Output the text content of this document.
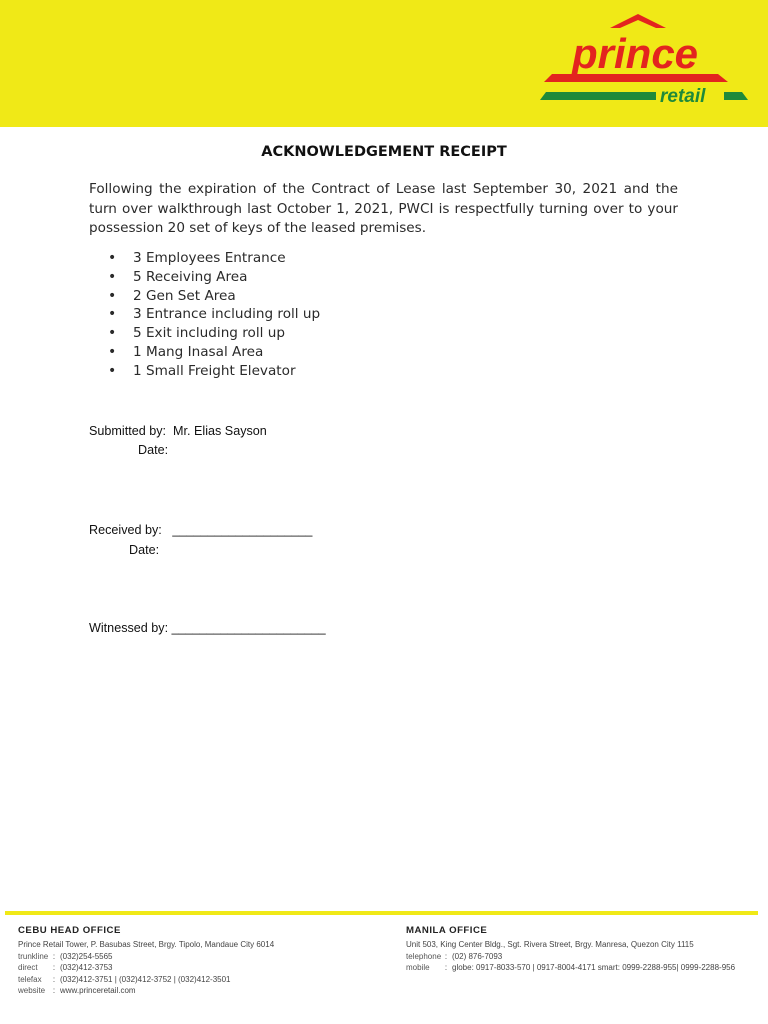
prince
retail
ACKNOWLEDGEMENT RECEIPT

Following the expiration of the Contract of Lease last September 30, 2021 and the turn over walkthrough last October 1, 2021, PWCI is respectfully turning over to your possession 20 set of keys of the leased premises.

• 3 Employees Entrance
• 5 Receiving Area
• 2 Gen Set Area
• 3 Entrance including roll up
• 5 Exit including roll up
• 1 Mang Inasal Area
• 1 Small Freight Elevator
Submitted by: Mr. Elias Sayson
Date:
Received by: ____________________
Date:
Witnessed by: ______________________
CEBU HEAD OFFICE
Prince Retail Tower, P. Basubas Street, Brgy. Tipolo, Mandaue City 6014
trunkline : (032)254-5565
direct : (032)412-3753
telefax : (032)412-3751 | (032)412-3752 | (032)412-3501
website : www.princeretail.com
MANILA OFFICE
Unit 503, King Center Bldg., Sgt. Rivera Street, Brgy. Manresa, Quezon City 1115
telephone : (02) 876-7093
mobile : globe: 0917-8033-570 | 0917-8004-4171 smart: 0999-2288-955| 0999-2288-956
